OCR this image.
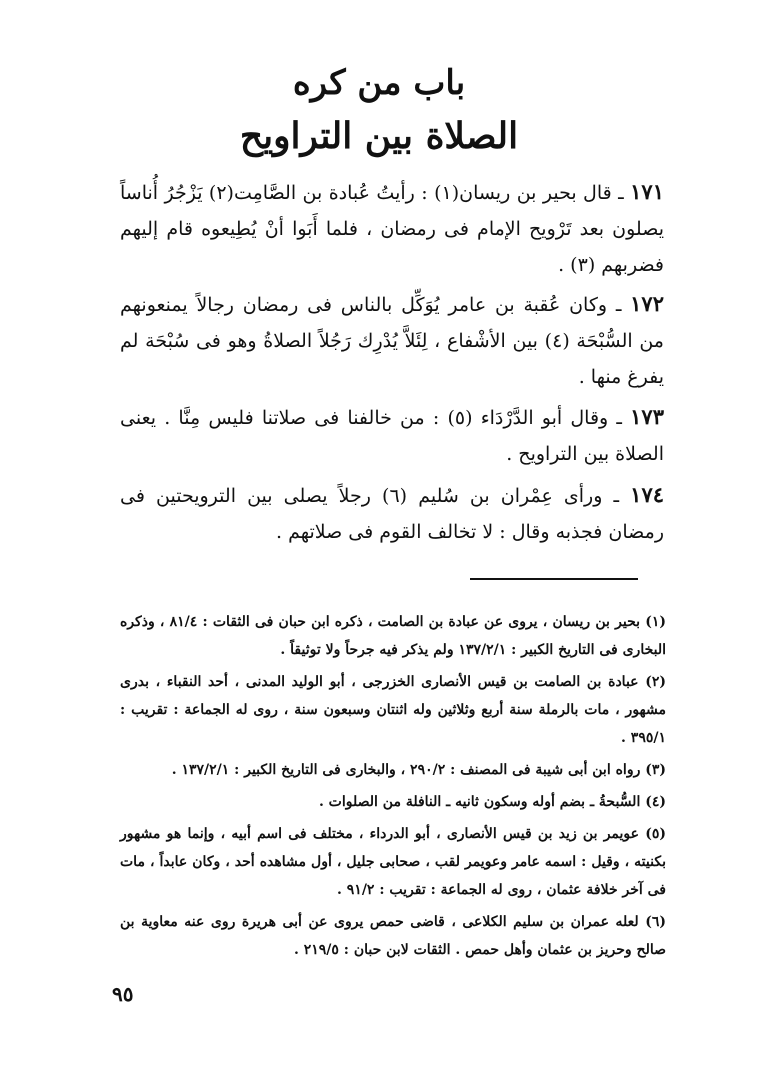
باب من كره
الصلاة بين التراويح

١٧١ ـ قال بحير بن ريسان(١) : رأيتُ عُبادة بن الصَّامِت(٢) يَزْجُرُ أُناساً يصلون بعد تَرْويح الإمام فى رمضان ، فلما أَبَوا أنْ يُطِيعوه قام إليهم فضربهم (٣) .

١٧٢ ـ وكان عُقبة بن عامر يُوَكِّل بالناس فى رمضان رجالاً يمنعونهم من السُّبْحَة (٤) بين الأشْفاع ، لِئَلاَّ يُدْرِك رَجُلاً الصلاةُ وهو فى سُبْحَة لم يفرغ منها .

١٧٣ ـ وقال أبو الدَّرْدَاء (٥) : من خالفنا فى صلاتنا فليس مِنَّا . يعنى الصلاة بين التراويح .

١٧٤ ـ ورأى عِمْران بن سُليم (٦) رجلاً يصلى بين الترويحتين فى رمضان فجذبه وقال : لا تخالف القوم فى صلاتهم .

(١) بحير بن ريسان ، يروى عن عبادة بن الصامت ، ذكره ابن حبان فى الثقات : ٨١/٤ ، وذكره البخارى فى التاريخ الكبير : ١٣٧/٢/١ ولم يذكر فيه جرحاً ولا توثيقاً .
(٢) عبادة بن الصامت بن قيس الأنصارى الخزرجى ، أبو الوليد المدنى ، أحد النقباء ، بدرى مشهور ، مات بالرملة سنة أربع وثلاثين وله اثنتان وسبعون سنة ، روى له الجماعة : تقريب : ٣٩٥/١ .
(٣) رواه ابن أبى شيبة فى المصنف : ٢٩٠/٢ ، والبخارى فى التاريخ الكبير : ١٣٧/٢/١ .
(٤) السُّبحةُ ـ بضم أوله وسكون ثانيه ـ النافلة من الصلوات .
(٥) عويمر بن زيد بن قيس الأنصارى ، أبو الدرداء ، مختلف فى اسم أبيه ، وإنما هو مشهور بكنيته ، وقيل : اسمه عامر وعويمر لقب ، صحابى جليل ، أول مشاهده أحد ، وكان عابداً ، مات فى آخر خلافة عثمان ، روى له الجماعة : تقريب : ٩١/٢ .
(٦) لعله عمران بن سليم الكلاعى ، قاضى حمص يروى عن أبى هريرة روى عنه معاوية بن صالح وحريز بن عثمان وأهل حمص . الثقات لابن حبان : ٢١٩/٥ .
٩٥
